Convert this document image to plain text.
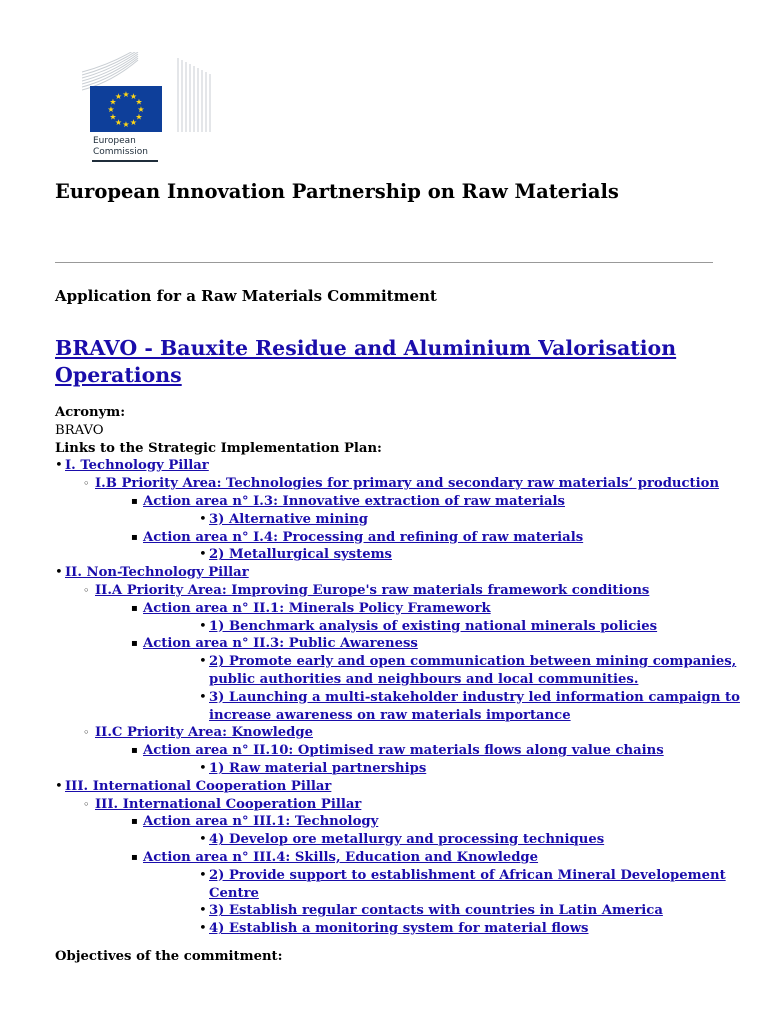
★ ★
★
★
★
★
★
★
★
★
★
★
European
Commission
European Innovation Partnership on Raw Materials
Application for a Raw Materials Commitment
BRAVO - Bauxite Residue and Aluminium Valorisation Operations
Acronym:
BRAVO
Links to the Strategic Implementation Plan:
• I. Technology Pillar
◦ I.B Priority Area: Technologies for primary and secondary raw materials’ production
▪ Action area n° I.3: Innovative extraction of raw materials
• 3) Alternative mining
▪ Action area n° I.4: Processing and refining of raw materials
• 2) Metallurgical systems
• II. Non-Technology Pillar
◦ II.A Priority Area: Improving Europe's raw materials framework conditions
▪ Action area n° II.1: Minerals Policy Framework
• 1) Benchmark analysis of existing national minerals policies
▪ Action area n° II.3: Public Awareness
• 2) Promote early and open communication between mining companies, public authorities and neighbours and local communities.
• 3) Launching a multi-stakeholder industry led information campaign to increase awareness on raw materials importance
◦ II.C Priority Area: Knowledge
▪ Action area n° II.10: Optimised raw materials flows along value chains
• 1) Raw material partnerships
• III. International Cooperation Pillar
◦ III. International Cooperation Pillar
▪ Action area n° III.1: Technology
• 4) Develop ore metallurgy and processing techniques
▪ Action area n° III.4: Skills, Education and Knowledge
• 2) Provide support to establishment of African Mineral Developement Centre
• 3) Establish regular contacts with countries in Latin America
• 4) Establish a monitoring system for material flows
Objectives of the commitment:
